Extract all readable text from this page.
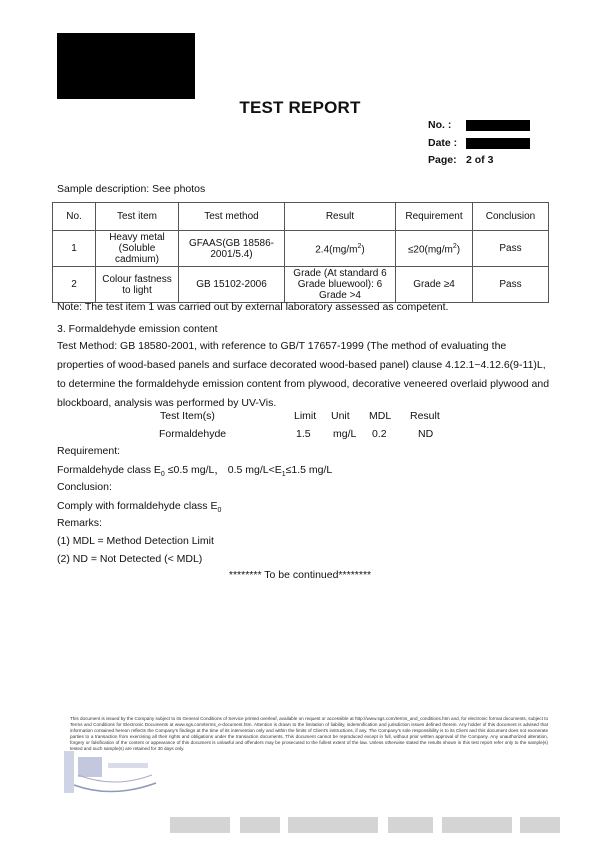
TEST REPORT
No. :
Date :
Page: 2 of 3
Sample description: See photos
No.	Test item	Test method	Result	Requirement	Conclusion
1	Heavy metal (Soluble cadmium)	GFAAS(GB 18586-2001/5.4)	$2.4(mg/m^2)$	$\le 20(mg/m^2)$	Pass
2	Colour fastness to light	GB 15102-2006	Grade (At standard 6 Grade bluewool): 6 Grade >4	Grade ≥4	Pass
Note: The test item 1 was carried out by external laboratory assessed as competent.
3. Formaldehyde emission content
Test Method: GB 18580-2001, with reference to GB/T 17657-1999 (The method of evaluating the properties of wood-based panels and surface decorated wood-based panel) clause 4.12.1~4.12.6(9-11)L, to determine the formaldehyde emission content from plywood, decorative veneered overlaid plywood and blockboard, analysis was performed by UV-Vis.
Test Item(s)	Limit Unit MDL Result
Formaldehyde	1.5 mg/L 0.2	ND
Requirement:
Formaldehyde class $E_0 \le 0.5$ mg/L， 0.5 $mg/L<E_1\le 1.5$ mg/L
Conclusion:
Comply with formaldehyde class $E_0$
Remarks:
(1) MDL = Method Detection Limit
(2) ND = Not Detected (< MDL)
******** To be continued********
This document is issued by the Company subject to its General Conditions of Service printed overleaf, available on request or accessible at http://www.sgs.com/terms_and_conditions.htm and, for electronic format documents, subject to Terms and Conditions for Electronic Documents at www.sgs.com/terms_e-document.htm. Attention is drawn to the limitation of liability, indemnification and jurisdiction issues defined therein. Any holder of this document is advised that information contained hereon reflects the Company's findings at the time of its intervention only and within the limits of Client's instructions, if any. The Company's sole responsibility is to its Client and this document does not exonerate parties to a transaction from exercising all their rights and obligations under the transaction documents. This document cannot be reproduced except in full, without prior written approval of the Company. Any unauthorized alteration, forgery or falsification of the content or appearance of this document is unlawful and offenders may be prosecuted to the fullest extent of the law. Unless otherwise stated the results shown in this test report refer only to the sample(s) tested and such sample(s) are retained for 30 days only.
